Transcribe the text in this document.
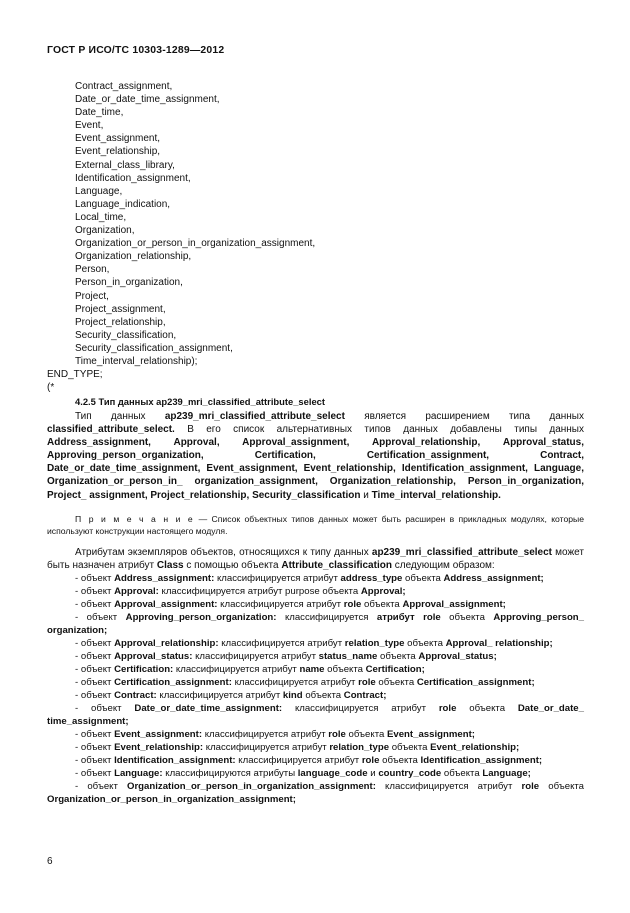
ГОСТ Р ИСО/ТС 10303-1289—2012
Contract_assignment,
Date_or_date_time_assignment,
Date_time,
Event,
Event_assignment,
Event_relationship,
External_class_library,
Identification_assignment,
Language,
Language_indication,
Local_time,
Organization,
Organization_or_person_in_organization_assignment,
Organization_relationship,
Person,
Person_in_organization,
Project,
Project_assignment,
Project_relationship,
Security_classification,
Security_classification_assignment,
Time_interval_relationship);
END_TYPE;
(*
4.2.5 Тип данных ap239_mri_classified_attribute_select
Тип данных ap239_mri_classified_attribute_select является расширением типа данных classified_attribute_select. В его список альтернативных типов данных добавлены типы данных Address_assignment, Approval, Approval_assignment, Approval_relationship, Approval_status, Approving_person_organization, Certification, Certification_assignment, Contract, Date_or_date_time_assignment, Event_assignment, Event_relationship, Identification_assignment, Language, Organization_or_person_in_ organization_assignment, Organization_relationship, Person_in_organization, Project_ assignment, Project_relationship, Security_classification и Time_interval_relationship.
П р и м е ч а н и е — Список объектных типов данных может быть расширен в прикладных модулях, которые используют конструкции настоящего модуля.
Атрибутам экземпляров объектов, относящихся к типу данных ap239_mri_classified_attribute_select может быть назначен атрибут Class с помощью объекта Attribute_classification следующим образом:
- объект Address_assignment: классифицируется атрибут address_type объекта Address_assignment;
- объект Approval: классифицируется атрибут purpose объекта Approval;
- объект Approval_assignment: классифицируется атрибут role объекта Approval_assignment;
- объект Approving_person_organization: классифицируется атрибут role объекта Approving_person_ organization;
- объект Approval_relationship: классифицируется атрибут relation_type объекта Approval_ relationship;
- объект Approval_status: классифицируется атрибут status_name объекта Approval_status;
- объект Certification: классифицируется атрибут name объекта Certification;
- объект Certification_assignment: классифицируется атрибут role объекта Certification_assignment;
- объект Contract: классифицируется атрибут kind объекта Contract;
- объект Date_or_date_time_assignment: классифицируется атрибут role объекта Date_or_date_ time_assignment;
- объект Event_assignment: классифицируется атрибут role объекта Event_assignment;
- объект Event_relationship: классифицируется атрибут relation_type объекта Event_relationship;
- объект Identification_assignment: классифицируется атрибут role объекта Identification_assignment;
- объект Language: классифицируются атрибуты language_code и country_code объекта Language;
- объект Organization_or_person_in_organization_assignment: классифицируется атрибут role объекта Organization_or_person_in_organization_assignment;
6
